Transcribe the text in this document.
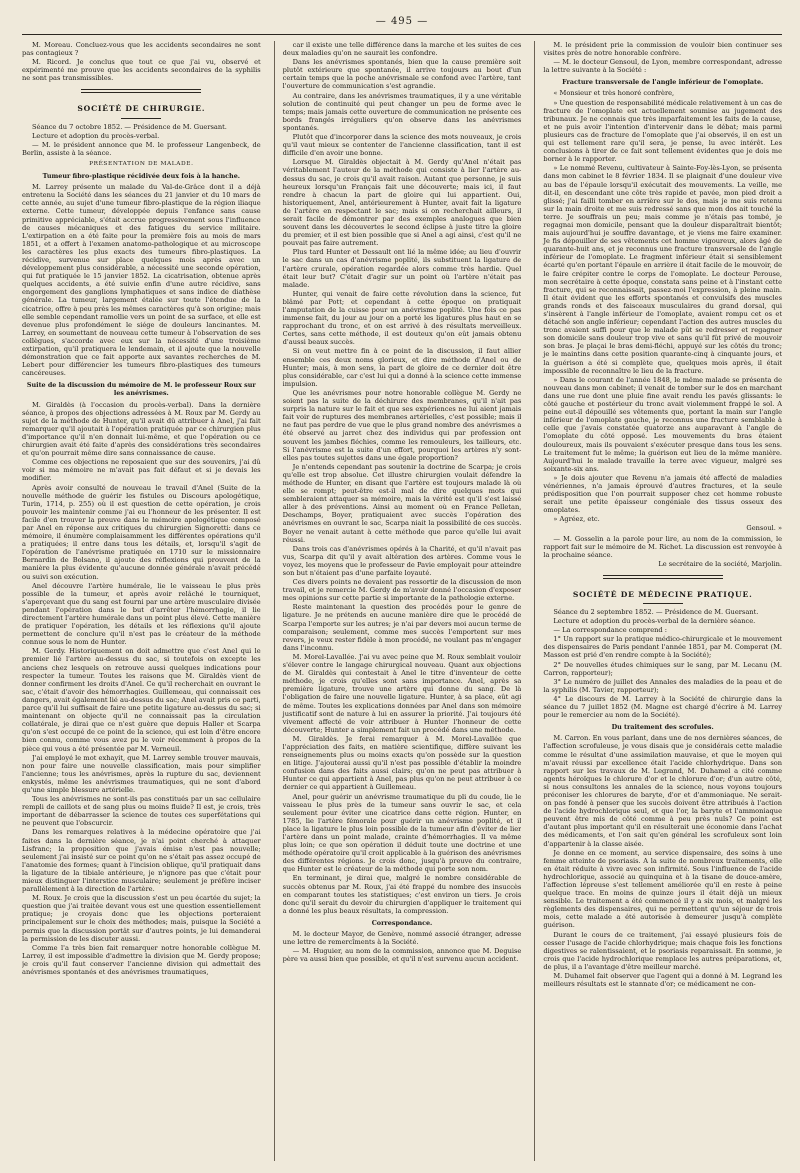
— 495 —

M. Moreau. Concluez-vous que les accidents secondaires ne sont pas contagieux ?

M. Ricord. Je conclus que tout ce que j'ai vu, observé et expérimenté me prouve que les accidents secondaires de la syphilis ne sont pas transmissibles.

SOCIÉTÉ DE CHIRURGIE.

Séance du 7 octobre 1852. — Présidence de M. Guersant.

Lecture et adoption du procès-verbal.

— M. le président annonce que M. le professeur Langenbeck, de Berlin, assiste à la séance.

PRÉSENTATION DE MALADE.
Tumeur fibro-plastique récidivée deux fois à la hanche.

M. Larrey présente un malade du Val-de-Grâce dont il a déjà entretenu la Société dans les séances du 21 janvier et du 10 mars de cette année, au sujet d'une tumeur fibro-plastique de la région iliaque externe. Cette tumeur, développée depuis l'enfance sans cause primitive appréciable, s'était accrue progressivement sous l'influence de causes mécaniques et des fatigues du service militaire. L'extirpation en a été faite pour la première fois au mois de mars 1851, et a offert à l'examen anatomo-pathologique et au microscope les caractères les plus exacts des tumeurs fibro-plastiques. La récidive, survenue sur place quelques mois après avec un développement plus considérable, a nécessité une seconde opération, qui fut pratiquée le 15 janvier 1852. La cicatrisation, obtenue après quelques accidents, a été suivie enfin d'une autre récidive, sans engorgement des ganglions lymphatiques et sans indice de diathèse générale. La tumeur, largement étalée sur toute l'étendue de la cicatrice, offre à peu près les mêmes caractères qu'à son origine; mais elle semble cependant ramollie vers un point de sa surface, et elle est devenue plus profondément le siége de douleurs lancinantes. M. Larrey, en soumettant de nouveau cette tumeur à l'observation de ses collègues, s'accorde avec eux sur la nécessité d'une troisième extirpation, qu'il pratiquera le lendemain, et il ajoute que la nouvelle démonstration que ce fait apporte aux savantes recherches de M. Lebert pour différencier les tumeurs fibro-plastiques des tumeurs cancéreuses.

Suite de la discussion du mémoire de M. le professeur Roux sur les anévrismes.

M. Giraldès (à l'occasion du procès-verbal). Dans la dernière séance, à propos des objections adressées à M. Roux par M. Gerdy au sujet de la méthode de Hunter, qu'il avait dû attribuer à Anel, j'ai fait remarquer qu'il ajoutait à l'opération pratiquée par ce chirurgien plus d'importance qu'il n'en donnait lui-même, et que l'opération ou ce chirurgien avait été faite d'après des considérations très secondaires et qu'on pourrait même dire sans connaissance de cause.

Comme ces objections ne reposaient que sur des souvenirs, j'ai dû voir si ma mémoire ne m'avait pas fait défaut et si je devais les modifier.

Après avoir consulté de nouveau le travail d'Anel (Suite de la nouvelle méthode de guérir les fistules ou Discours apologétique, Turin, 1714, p. 255) où il est question de cette opération, je crois pouvoir les maintenir comme j'ai eu l'honneur de les présenter. Il est facile d'en trouver la preuve dans le mémoire apologétique composé par Anel en réponse aux critiques du chirurgien Signoretti: dans ce mémoire, il énumère complaisamment les différentes opérations qu'il a pratiquées; il entre dans tous les détails, et, lorsqu'il s'agit de l'opération de l'anévrisme pratiquée en 1710 sur le missionnaire Bernardin de Bolsano, il ajoute des réflexions qui prouvent de la manière la plus évidente qu'aucune donnée générale n'avait précédé ou suivi son exécution.

Anel découvre l'artère humérale, lie le vaisseau le plus près possible de la tumeur, et après avoir relâché le tourniquet, s'aperçevant que du sang est fourni par une artère musculaire divisée pendant l'opération dans le but d'arrêter l'hémorrhagie, il lie directement l'artère humérale dans un point plus élevé. Cette manière de pratiquer l'opération, les détails et les réflexions qu'il ajoute permettent de conclure qu'il n'est pas le créateur de la méthode connue sous le nom de Hunter.

M. Gerdy. Historiquement on doit admettre que c'est Anel qui le premier lié l'artère au-dessus du sac, si toutefois on excepte les anciens chez lesquels on retrouve aussi quelques indications pour respecter la tumeur. Toutes les raisons que M. Giraldès vient de donner confirment les droits d'Anel. Ce qu'il recherchait en ouvrant le sac, c'était d'avoir des hémorrhagies. Guillemeau, qui connaissait ces dangers, avait également lié au-dessus du sac; Anel avait pris ce parti, parce qu'il lui suffisait de faire une petite ligature au-dessus du sac; si maintenant on objecte qu'il ne connaissait pas la circulation collatérale, je dirai que ce n'est guère que depuis Haller et Scarpa qu'on s'est occupé de ce point de la science, qui est loin d'être encore bien connu, comme vous avez pu le voir récemment à propos de la pièce qui vous a été présentée par M. Verneuil.

J'ai employé le mot exhayit, que M. Larrey semble trouver mauvais, non pour faire une nouvelle classification, mais pour simplifier l'ancienne; tous les anévrismes, après la rupture du sac, deviennent enkystés, même les anévrismes traumatiques, qui ne sont d'abord qu'une simple blessure artérielle.

Tous les anévrismes ne sont-ils pas constitués par un sac cellulaire rempli de caillots et de sang plus ou moins fluide? Il est, je crois, très important de débarrasser la science de toutes ces superfétations qui ne peuvent que l'obscurcir.

Dans les remarques relatives à la médecine opératoire que j'ai faites dans la dernière séance, je n'ai point cherché à attaquer Lisfranc; la proposition que j'avais émise n'est pas nouvelle; seulement j'ai insisté sur ce point qu'on ne s'était pas assez occupé de l'anatomie des formes; quant à l'incision oblique, qu'il pratiquait dans la ligature de la tibiale antérieure, je n'ignore pas que c'était pour mieux distinguer l'interstice musculaire; seulement je préfère inciser parallèlement à la direction de l'artère.

M. Roux. Je crois que la discussion s'est un peu écartée du sujet; la question que j'ai traitée devant vous est une question essentiellement pratique; je croyais donc que les objections porteraient principalement sur le choix des méthodes; mais, puisque la Société a permis que la discussion portât sur d'autres points, je lui demanderai la permission de les discuter aussi.

Comme l'a très bien fait remarquer notre honorable collègue M. Larrey, il est impossible d'admettre la division que M. Gerdy propose; je crois qu'il faut conserver l'ancienne division qui admettait des anévrismes spontanés et des anévrismes traumatiques,

car il existe une telle différence dans la marche et les suites de ces deux maladies qu'on ne saurait les confondre.

Dans les anévrismes spontanés, bien que la cause première soit plutôt extérieure que spontanée, il arrive toujours au bout d'un certain temps que la poche anévrismale se confond avec l'artère, tant l'ouverture de communication s'est agrandie.

Au contraire, dans les anévrismes traumatiques, il y a une véritable solution de continuité qui peut changer un peu de forme avec le temps; mais jamais cette ouverture de communication ne présente ces bords frangés irréguliers qu'on observe dans les anévrismes spontanés.

Plutôt que d'incorporer dans la science des mots nouveaux, je crois qu'il vaut mieux se contenter de l'ancienne classification, tant il est difficile d'en avoir une bonne.

Lorsque M. Giraldès objectait à M. Gerdy qu'Anel n'était pas véritablement l'auteur de la méthode qui consiste à lier l'artère au-dessus du sac, je crois qu'il avait raison. Autant que personne, je suis heureux lorsqu'un Français fait une découverte; mais ici, il faut rendre à chacun la part de gloire qui lui appartient. Oui, historiquement, Anel, antérieurement à Hunter, avait fait la ligature de l'artère en respectant le sac; mais si on recherchait ailleurs, il serait facile de démontrer par des exemples analogues que bien souvent dans les découvertes le second éclipse à juste titre la gloire du premier, et il est bien possible que si Anel a agi ainsi, c'est qu'il ne pouvait pas faire autrement.

Plus tard Hunter et Dessault ont lié la même idée; au lieu d'ouvrir le sac dans un cas d'anévrisme poplité, ils substituent la ligature de l'artère crurale, opération regardée alors comme très hardie. Quel était leur but? C'était d'agir sur un point où l'artère n'était pas malade.

Hunter, qui venait de faire cette révolution dans la science, fut blâmé par Pott; et cependant à cette époque on pratiquait l'amputation de la cuisse pour un anévrisme poplité. Une fois ce pas immense fait, du jour au jour on a porté les ligatures plus haut en se rapprochant du tronc, et on est arrivé à des résultats merveilleux. Certes, sans cette méthode, il est douteux qu'on eût jamais obtenu d'aussi beaux succès.

Si on veut mettre fin à ce point de la discussion, il faut allier ensemble ces deux noms glorieux, et dire méthode d'Anel ou de Hunter; mais, à mon sens, la part de gloire de ce dernier doit être plus considérable, car c'est lui qui a donné à la science cette immense impulsion.

Que les anévrismes pour notre honorable collègue M. Gerdy ne soient pas la suite de la déchirure des membranes, qu'il n'ait pas surpris la nature sur le fait et que ses expériences ne lui aient jamais fait voir de ruptures des membranes artérielles, c'est possible; mais il ne faut pas perdre de vue que le plus grand nombre des anévrismes a été observé au jarret chez des individus qui par profession ont souvent les jambes fléchies, comme les remouleurs, les tailleurs, etc. Si l'anévrisme est la suite d'un effort, pourquoi les artères n'y sont-elles pas toutes sujettes dans une égale proportion?

Je n'entends cependant pas soutenir la doctrine de Scarpa; je crois qu'elle est trop absolue. Cet illustre chirurgien voulait défendre la méthode de Hunter, en disant que l'artère est toujours malade là où elle se rompt; peut-être est-il mal de dire quelques mots qui sembleraient attaquer sa mémoire, mais la vérité est qu'il s'est laissé aller à des préventions. Ainsi au moment où en France Pelletan, Deschamps, Boyer, pratiquaient avec succès l'opération des anévrismes en ouvrant le sac, Scarpa niait la possibilité de ces succès. Boyer ne venait autant à cette méthode que parce qu'elle lui avait réussi.

Dans trois cas d'anévrismes opérés à la Charité, et qu'il n'avait pas vus, Scarpa dit qu'il y avait altération des artères. Comme vous le voyez, les moyens que le professeur de Pavie employait pour atteindre son but n'étaient pas d'une parfaite loyauté.

Ces divers points ne devaient pas ressortir de la discussion de mon travail, et je remercie M. Gerdy de m'avoir donné l'occasion d'exposer mes opinions sur cette partie si importante de la pathologie externe.

Reste maintenant la question des procédés pour le genre de ligature. Je ne prétends en aucune manière dire que le procédé de Scarpa l'emporte sur les autres; je n'ai par devers moi aucun terme de comparaison; seulement, comme mes succès l'emportent sur mes revers, je veux rester fidèle à mon procédé, ne voulant pas m'engager dans l'inconnu.

M. Morel-Lavallée. J'ai vu avec peine que M. Roux semblait vouloir s'élever contre le langage chirurgical nouveau. Quant aux objections de M. Giraldès qui contestait à Anel le titre d'inventeur de cette méthode, je crois qu'elles sont sans importance. Anel, après sa première ligature, trouve une artère qui donne du sang. De là l'obligation de faire une nouvelle ligature. Hunter, à sa place, eût agi de même. Toutes les explications données par Anel dans son mémoire justificatif sont de nature à lui en assurer la priorité. J'ai toujours été vivement affecté de voir attribuer à Hunter l'honneur de cette découverte; Hunter a simplement fait un procédé dans une méthode.

M. Giraldès. Je ferai remarquer à M. Morel-Lavallée que l'appréciation des faits, en matière scientifique, diffère suivant les renseignements plus ou moins exacts qu'on possède sur la question en litige. J'ajouterai aussi qu'il n'est pas possible d'établir la moindre confusion dans des faits aussi clairs; qu'on ne peut pas attribuer à Hunter ce qui appartient à Anel, pas plus qu'on ne peut attribuer à ce dernier ce qui appartient à Guillemeau.

Anel, pour guérir un anévrisme traumatique du pli du coude, lie le vaisseau le plus près de la tumeur sans ouvrir le sac, et cela seulement pour éviter une cicatrice dans cette région. Hunter, en 1785, lie l'artère fémorale pour guérir un anévrisme poplité, et il place la ligature le plus loin possible de la tumeur afin d'éviter de lier l'artère dans un point malade, crainte d'hémorrhagies. Il va même plus loin; ce que son opération il déduit toute une doctrine et une méthode opératoire qu'il croit applicable à la guérison des anévrismes des différentes régions. Je crois donc, jusqu'à preuve du contraire, que Hunter est le créateur de la méthode qui porte son nom.

En terminant, je dirai que, malgré le nombre considérable de succès obtenus par M. Roux, j'ai été frappé du nombre des insuccès en comparant toutes les statistiques; c'est environ un tiers. Je crois donc qu'il serait du devoir du chirurgien d'appliquer le traitement qui a donné les plus beaux résultats, la compression.

Correspondance.

M. le docteur Mayor, de Genève, nommé associé étranger, adresse une lettre de remercîments à la Société.

— M. Huguier, au nom de la commission, annonce que M. Deguise père va aussi bien que possible, et qu'il n'est survenu aucun accident.

M. le président prie la commission de vouloir bien continuer ses visites près de notre honorable confrère.

— M. le docteur Gensoul, de Lyon, membre correspondant, adresse la lettre suivante à la Société :

Fracture transversale de l'angle inférieur de l'omoplate.

« Monsieur et très honoré confrère,

» Une question de responsabilité médicale relativement à un cas de fracture de l'omoplate est actuellement soumise au jugement des tribunaux. Je ne connais que très imparfaitement les faits de la cause, et ne puis avoir l'intention d'intervenir dans le débat; mais parmi plusieurs cas de fracture de l'omoplate que j'ai observés, il en est un qui est tellement rare qu'il sera, je pense, lu avec intérêt. Les conclusions à tirer de ce fait sont tellement évidentes que je dois me borner à le rapporter.

» Le nommé Revenu, cultivateur à Sainte-Foy-lès-Lyon, se présenta dans mon cabinet le 8 février 1834. Il se plaignait d'une douleur vive au bas de l'épaule lorsqu'il exécutait des mouvements. La veille, me dit-il, en descendant une côte très rapide et pavée, mon pied droit a glissé; j'ai failli tomber en arrière sur le dos, mais je me suis retenu sur la main droite et me suis redressé sans que mon dos ait touché la terre. Je souffrais un peu; mais comme je n'étais pas tombé, je regagnai mon domicile, pensant que la douleur disparaîtrait bientôt; mais aujourd'hui je souffre davantage, et je viens me faire examiner. Je fis dépouiller de ses vêtements cet homme vigoureux, alors âgé de quarante-huit ans, et je reconnus une fracture transversale de l'angle inférieur de l'omoplate. Le fragment inférieur était si sensiblement écarté qu'en portant l'épaule en arrière il était facile de le mouvoir, de le faire crépiter contre le corps de l'omoplate. Le docteur Perouse, mon secrétaire à cette époque, constata sans peine et à l'instant cette fracture, qui se reconnaissait, passez-moi l'expression, à pleine main. Il était évident que les efforts spontanés et convulsifs des muscles grands ronds et des faisceaux musculaires du grand dorsal, qui s'insèrent à l'angle inférieur de l'omoplate, avaient rompu cet os et détaché son angle inférieur; cependant l'action des autres muscles du tronc avaient suffi pour que le malade pût se redresser et regagner son domicile sans douleur trop vive et sans qu'il fût privé de mouvoir son bras. Je plaçai le bras demi-fléchi, appuyé sur les côtés du tronc; je le maintins dans cette position quarante-cinq à cinquante jours, et la guérison a été si complète que, quelques mois après, il était impossible de reconnaître le lieu de la fracture.

» Dans le courant de l'année 1848, le même malade se présenta de nouveau dans mon cabinet; il venait de tomber sur le dos en marchant dans une rue dont une pluie fine avait rendu les pavés glissants: le côté gauche et postérieur du tronc avait violemment frappé le sol. A peine eut-il dépouillé ses vêtements que, portant la main sur l'angle inférieur de l'omoplate gauche, je reconnus une fracture semblable à celle que j'avais constatée quatorze ans auparavant à l'angle de l'omoplate du côté opposé. Les mouvements du bras étaient douloureux, mais ils pouvaient s'exécuter presque dans tous les sens. Le traitement fut le même; la guérison eut lieu de la même manière. Aujourd'hui le malade travaille la terre avec vigueur, malgré ses soixante-six ans.

» Je dois ajouter que Revenu n'a jamais été affecté de maladies vénériennes, n'a jamais éprouvé d'autres fractures, et la seule prédisposition que l'on pourrait supposer chez cet homme robuste serait une petite épaisseur congéniale des tissus osseux des omoplates.

» Agréez, etc.

Gensoul. »

— M. Gosselin a la parole pour lire, au nom de la commission, le rapport fait sur le mémoire de M. Richet. La discussion est renvoyée à la prochaine séance.

Le secrétaire de la société, Marjolin.
SOCIÉTÉ DE MÉDECINE PRATIQUE.

Séance du 2 septembre 1852. — Présidence de M. Guersant.

Lecture et adoption du procès-verbal de la dernière séance.

— La correspondance comprend :

1° Un rapport sur la pratique médico-chirurgicale et le mouvement des dispensaires de Paris pendant l'année 1851, par M. Comperat (M. Masson est prié d'en rendre compte à la Société);

2° De nouvelles études chimiques sur le sang, par M. Lecanu (M. Carron, rapporteur);

3° Le numéro de juillet des Annales des maladies de la peau et de la syphilis (M. Tavier, rapporteur);

4° Le discours de M. Larrey à la Société de chirurgie dans la séance du 7 juillet 1852 (M. Magne est chargé d'écrire à M. Larrey pour le remercier au nom de la Société).

Du traitement des scrofules.

M. Carron. En vous parlant, dans une de nos dernières séances, de l'affection scrofuleuse, je vous disais que je considérais cette maladie comme le résultat d'une assimilation mauvaise, et que le moyen qui m'avait réussi par excellence était l'acide chlorhydrique. Dans son rapport sur les travaux de M. Legrand, M. Duhamel a cité comme agents héroïques le chlorure d'or et le chlorure d'or; d'un autre côté, si nous consultons les annales de la science, nous voyons toujours préconiser les chlorures de baryte, d'or et d'ammoniaque. Ne serait-on pas fondé à penser que les succès doivent être attribués à l'action de l'acide hydrochlorique seul, et que l'or, la baryte et l'ammoniaque peuvent être mis de côté comme à peu près nuls? Ce point est d'autant plus important qu'il en résulterait une économie dans l'achat des médicaments, et l'on sait qu'en général les scrofuleux sont loin d'appartenir à la classe aisée.

Je donne en ce moment, au service dispensaire, des soins à une femme atteinte de psoriasis. A la suite de nombreux traitements, elle en était réduite à vivre avec son infirmité. Sous l'influence de l'acide hydrochlorique, associé au quinquina et à la tisane de douce-amère, l'affection lépreuse s'est tellement améliorée qu'il en reste à peine quelque trace. En moins de quinze jours il était déjà un mieux sensible. Le traitement a été commencé il y a six mois, et malgré les règlements des dispensaires, qui ne permettent qu'un séjour de trois mois, cette malade a été autorisée à demeurer jusqu'à complète guérison.

Durant le cours de ce traitement, j'ai essayé plusieurs fois de cesser l'usage de l'acide chlorhydrique; mais chaque fois les fonctions digestives se ralentissaient, et le psoriasis reparaissait. En somme, je crois que l'acide hydrochlorique remplace les autres préparations, et, de plus, il a l'avantage d'être meilleur marché.

M. Duhamel fait observer que l'agent qui a donné à M. Legrand les meilleurs résultats est le stannate d'or; ce médicament ne con-
